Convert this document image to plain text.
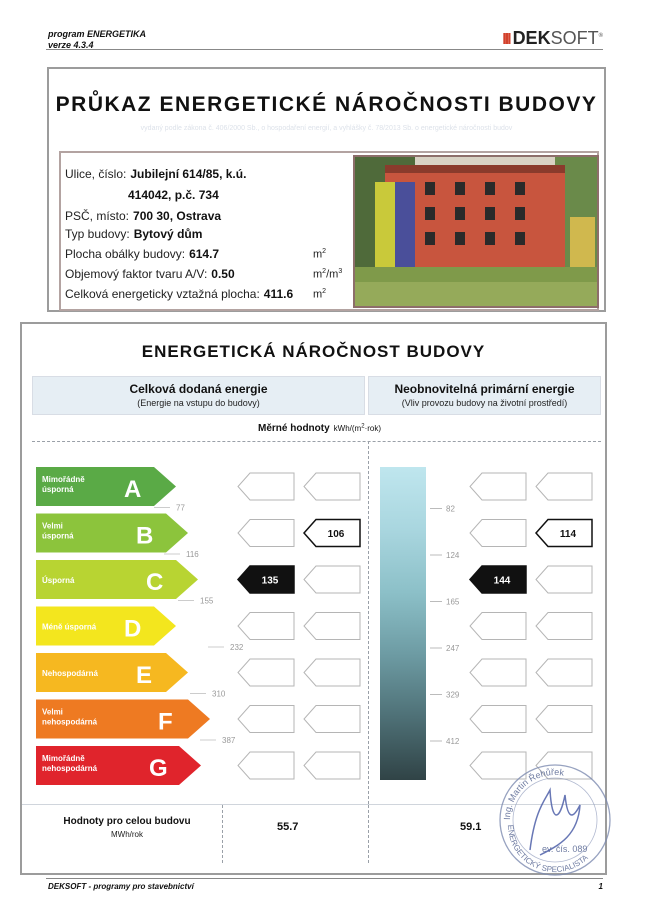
program ENERGETIKA
verze 4.3.4	III DEKSOFT®
PRŮKAZ ENERGETICKÉ NÁROČNOSTI BUDOVY
vydaný podle zákona č. 406/2000 Sb., o hospodaření energií, a vyhlášky č. 78/2013 Sb. o energetické náročnosti budov
Ulice, číslo: Jubilejní 614/85, k.ú.
414042, p.č. 734
PSČ, místo: 700 30, Ostrava
Typ budovy: Bytový dům
Plocha obálky budovy: 614.7	$m^2$
Objemový faktor tvaru A/V: 0.50	$m^2/m^3$
Celková energeticky vztažná plocha: 411.6 $m^2$
ENERGETICKÁ NÁROČNOST BUDOVY
Celková dodaná energie
(Energie na vstupu do budovy)
Neobnovitelná primární energie
(Vliv provozu budovy na životní prostředí)
Měrné hodnoty kWh/$(m^2\cdot rok)$
Mimořádně
úsporná A
Velmi
úsporná	B	106	114
Úsporná	C	135	144
Méně úsporná D
Nehospodárná E
Velmi
nehospodárná	F
Mimořádně
nehospodárná G
77
116
155
232
310
387
82
124
165
247
329
412
Hodnoty pro celou budovu
MWh/rok
55.7	59.1
Ing. Martin Řehůřek
ENERGETICKÝ SPECIALISTA
ev. čís. 089
DEKSOFT - programy pro stavebnictví	1
